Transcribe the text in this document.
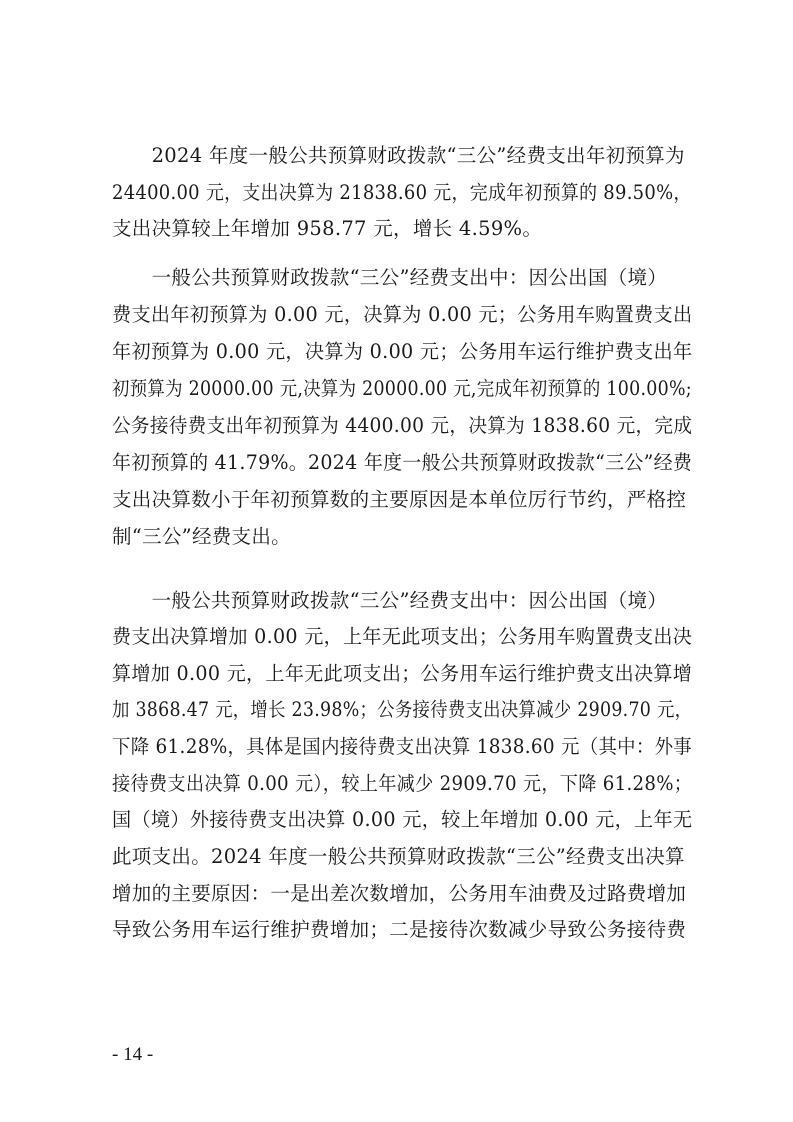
　　2024 年度一般公共预算财政拨款“三公”经费支出年初预算为
24400.00 元，支出决算为 21838.60 元，完成年初预算的 89.50%，
支出决算较上年增加 958.77 元，增长 4.59%。
　　一般公共预算财政拨款“三公”经费支出中：因公出国（境）
费支出年初预算为 0.00 元，决算为 0.00 元；公务用车购置费支出
年初预算为 0.00 元，决算为 0.00 元；公务用车运行维护费支出年
初预算为 20000.00 元,决算为 20000.00 元,完成年初预算的 100.00%;
公务接待费支出年初预算为 4400.00 元，决算为 1838.60 元，完成
年初预算的 41.79%。2024 年度一般公共预算财政拨款“三公”经费
支出决算数小于年初预算数的主要原因是本单位厉行节约，严格控
制“三公”经费支出。
　　一般公共预算财政拨款“三公”经费支出中：因公出国（境）
费支出决算增加 0.00 元，上年无此项支出；公务用车购置费支出决
算增加 0.00 元，上年无此项支出；公务用车运行维护费支出决算增
加 3868.47 元，增长 23.98%；公务接待费支出决算减少 2909.70 元，
下降 61.28%，具体是国内接待费支出决算 1838.60 元（其中：外事
接待费支出决算 0.00 元），较上年减少 2909.70 元，下降 61.28%；
国（境）外接待费支出决算 0.00 元，较上年增加 0.00 元，上年无
此项支出。2024 年度一般公共预算财政拨款“三公”经费支出决算
增加的主要原因：一是出差次数增加，公务用车油费及过路费增加
导致公务用车运行维护费增加；二是接待次数减少导致公务接待费
- 14 -
